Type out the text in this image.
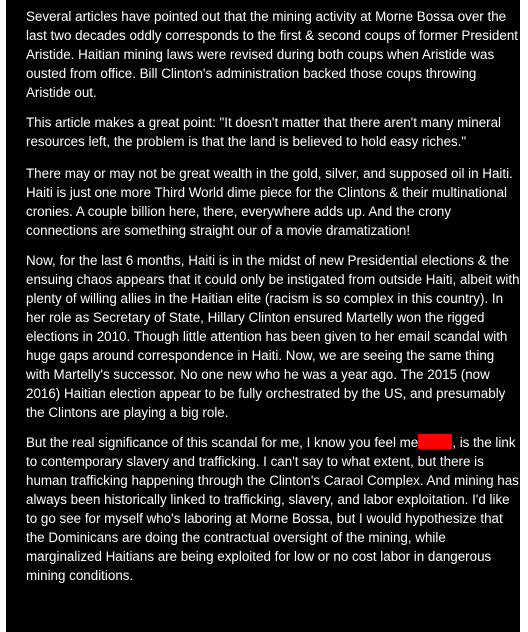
Several articles have pointed out that the mining activity at Morne Bossa over the last two decades oddly corresponds to the first & second coups of former President Aristide. Haitian mining laws were revised during both coups when Aristide was ousted from office. Bill Clinton's administration backed those coups throwing Aristide out.

This article makes a great point: "It doesn't matter that there aren't many mineral resources left, the problem is that the land is believed to hold easy riches."

There may or may not be great wealth in the gold, silver, and supposed oil in Haiti. Haiti is just one more Third World dime piece for the Clintons & their multinational cronies. A couple billion here, there, everywhere adds up. And the crony connections are something straight our of a movie dramatization!

Now, for the last 6 months, Haiti is in the midst of new Presidential elections & the ensuing chaos appears that it could only be instigated from outside Haiti, albeit with plenty of willing allies in the Haitian elite (racism is so complex in this country). In her role as Secretary of State, Hillary Clinton ensured Martelly won the rigged elections in 2010. Though little attention has been given to her email scandal with huge gaps around correspondence in Haiti. Now, we are seeing the same thing with Martelly's successor. No one new who he was a year ago. The 2015 (now 2016) Haitian election appear to be fully orchestrated by the US, and presumably the Clintons are playing a big role.

But the real significance of this scandal for me, I know you feel me	, is the link to contemporary slavery and trafficking. I can't say to what extent, but there is human trafficking happening through the Clinton's Caraol Complex. And mining has always been historically linked to trafficking, slavery, and labor exploitation. I'd like to go see for myself who's laboring at Morne Bossa, but I would hypothesize that the Dominicans are doing the contractual oversight of the mining, while marginalized Haitians are being exploited for low or no cost labor in dangerous mining conditions.
